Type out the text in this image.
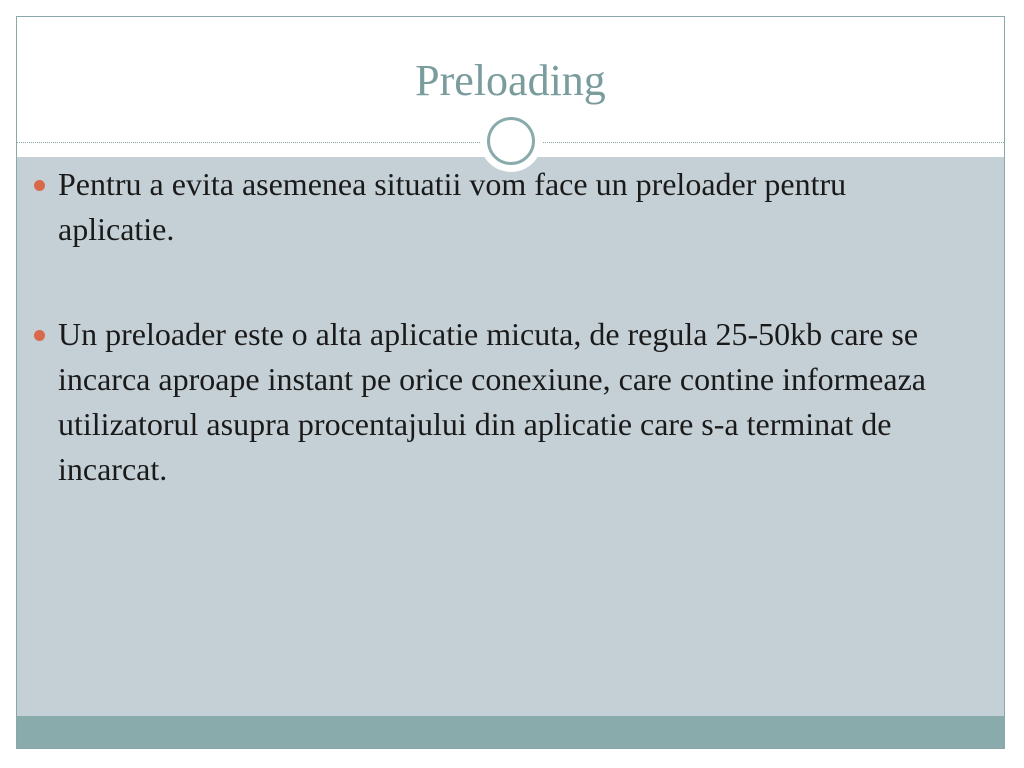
Preloading
Pentru a evita asemenea situatii vom face un preloader pentru aplicatie.
Un preloader este o alta aplicatie micuta, de regula 25-50kb care se incarca aproape instant pe orice conexiune, care contine informeaza utilizatorul asupra procentajului din aplicatie care s-a terminat de incarcat.
